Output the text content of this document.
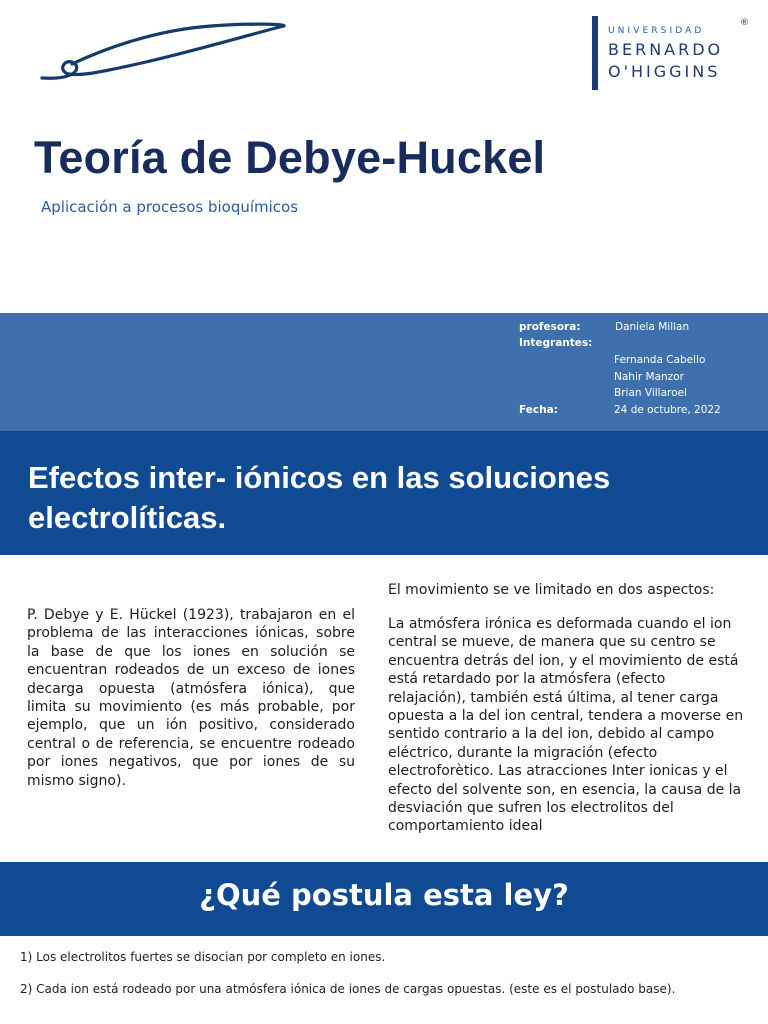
UNIVERSIDAD
BERNARDO
O'HIGGINS
®
Teoría de Debye-Huckel
Aplicación a procesos bioquímicos
profesora:	Daniela Millan
Integrantes:
Fernanda Cabello
Nahir Manzor
Brian Villaroel
Fecha:	24 de octubre, 2022
Efectos inter- iónicos en las soluciones electrolíticas.
P. Debye y E. Hückel (1923), trabajaron en el problema de las interacciones iónicas, sobre la base de que los iones en solución se encuentran rodeados de un exceso de iones decarga opuesta (atmósfera iónica), que limita su movimiento (es más probable, por ejemplo, que un ión positivo, considerado central o de referencia, se encuentre rodeado por iones negativos, que por iones de su mismo signo).
El movimiento se ve limitado en dos aspectos:
La atmósfera irónica es deformada cuando el ion central se mueve, de manera que su centro se encuentra detrás del ion, y el movimiento de está está retardado por la atmósfera (efecto relajación), también está última, al tener carga opuesta a la del ion central, tendera a moverse en sentido contrario a la del ion, debido al campo eléctrico, durante la migración (efecto electroforètico. Las atracciones Inter ionicas y el efecto del solvente son, en esencia, la causa de la desviación que sufren los electrolitos del comportamiento ideal
¿Qué postula esta ley?
1) Los electrolitos fuertes se disocian por completo en iones.
2) Cada ion está rodeado por una atmósfera iónica de iones de cargas opuestas. (este es el postulado base).
